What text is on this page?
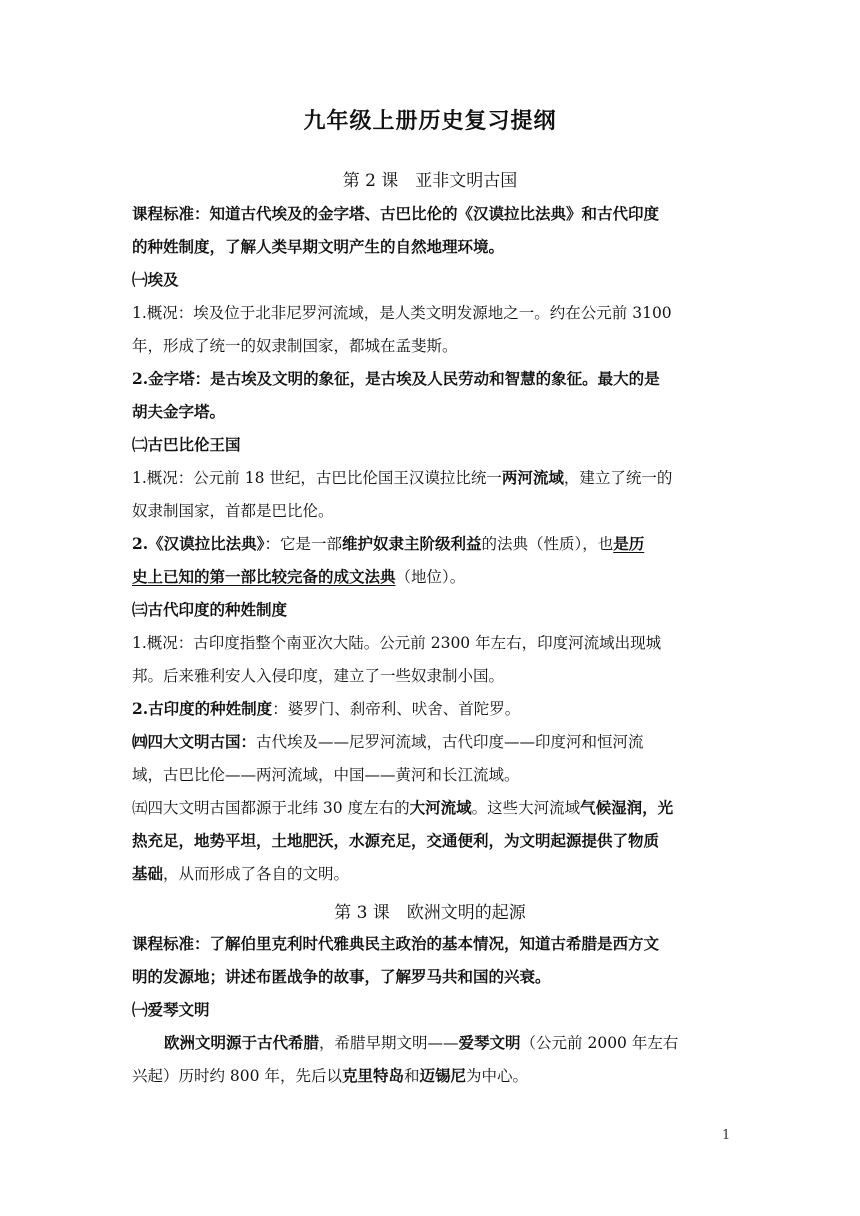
九年级上册历史复习提纲
第 2 课　亚非文明古国
课程标准：知道古代埃及的金字塔、古巴比伦的《汉谟拉比法典》和古代印度
的种姓制度，了解人类早期文明产生的自然地理环境。
㈠埃及
1.概况：埃及位于北非尼罗河流域，是人类文明发源地之一。约在公元前 3100
年，形成了统一的奴隶制国家，都城在孟斐斯。
2.金字塔：是古埃及文明的象征，是古埃及人民劳动和智慧的象征。最大的是
胡夫金字塔。
㈡古巴比伦王国
1.概况：公元前 18 世纪，古巴比伦国王汉谟拉比统一两河流域，建立了统一的
奴隶制国家，首都是巴比伦。
2.《汉谟拉比法典》：它是一部维护奴隶主阶级利益的法典（性质），也是历
史上已知的第一部比较完备的成文法典（地位）。
㈢古代印度的种姓制度
1.概况：古印度指整个南亚次大陆。公元前 2300 年左右，印度河流域出现城
邦。后来雅利安人入侵印度，建立了一些奴隶制小国。
2.古印度的种姓制度：婆罗门、刹帝利、吠舍、首陀罗。
㈣四大文明古国：古代埃及——尼罗河流域，古代印度——印度河和恒河流
域，古巴比伦——两河流域，中国——黄河和长江流域。
㈤四大文明古国都源于北纬 30 度左右的大河流域。这些大河流域气候湿润，光
热充足，地势平坦，土地肥沃，水源充足，交通便利，为文明起源提供了物质
基础，从而形成了各自的文明。
第 3 课　欧洲文明的起源
课程标准：了解伯里克利时代雅典民主政治的基本情况，知道古希腊是西方文
明的发源地；讲述布匿战争的故事，了解罗马共和国的兴衰。
㈠爱琴文明
欧洲文明源于古代希腊，希腊早期文明——爱琴文明（公元前 2000 年左右
兴起）历时约 800 年，先后以克里特岛和迈锡尼为中心。
1
